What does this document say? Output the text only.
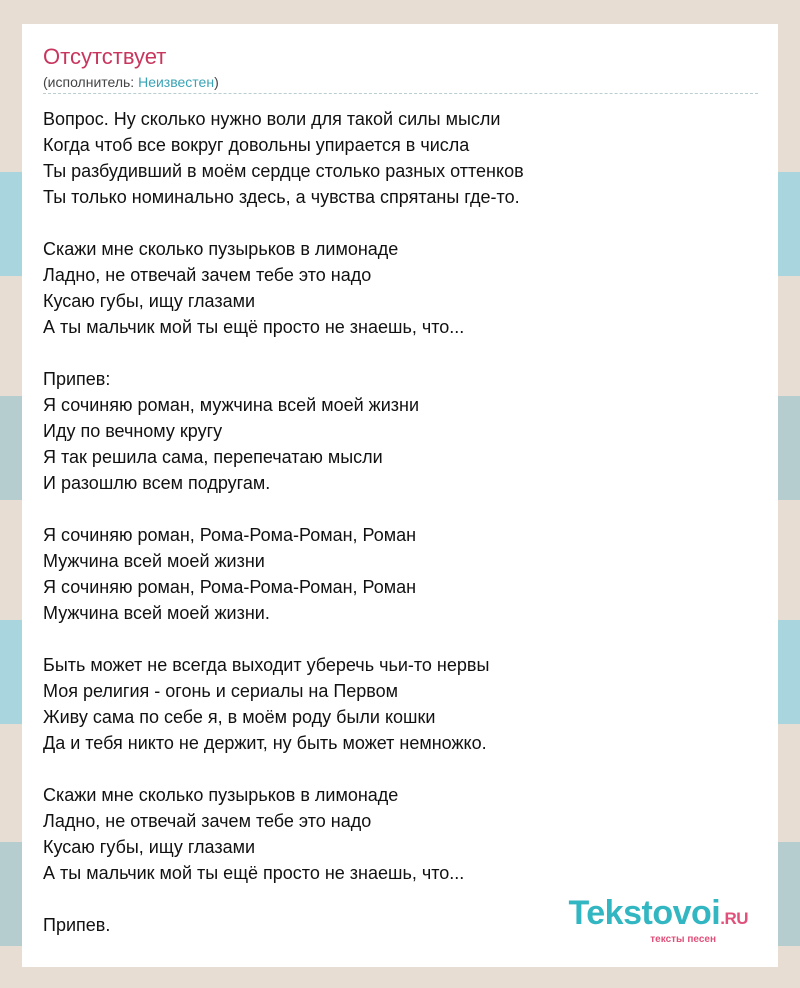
Отсутствует
(исполнитель: Неизвестен)
Вопрос. Ну сколько нужно воли для такой силы мысли
Когда чтоб все вокруг довольны упирается в числа
Ты разбудивший в моём сердце столько разных оттенков
Ты только номинально здесь, а чувства спрятаны где-то.
Скажи мне сколько пузырьков в лимонаде
Ладно, не отвечай зачем тебе это надо
Кусаю губы, ищу глазами
А ты мальчик мой ты ещё просто не знаешь, что...
Припев:
Я сочиняю роман, мужчина всей моей жизни
Иду по вечному кругу
Я так решила сама, перепечатаю мысли
И разошлю всем подругам.
Я сочиняю роман, Рома-Рома-Роман, Роман
Мужчина всей моей жизни
Я сочиняю роман, Рома-Рома-Роман, Роман
Мужчина всей моей жизни.
Быть может не всегда выходит уберечь чьи-то нервы
Моя религия - огонь и сериалы на Первом
Живу сама по себе я, в моём роду были кошки
Да и тебя никто не держит, ну быть может немножко.
Скажи мне сколько пузырьков в лимонаде
Ладно, не отвечай зачем тебе это надо
Кусаю губы, ищу глазами
А ты мальчик мой ты ещё просто не знаешь, что...
Припев.	Tekstovoi.RU
тексты песен
